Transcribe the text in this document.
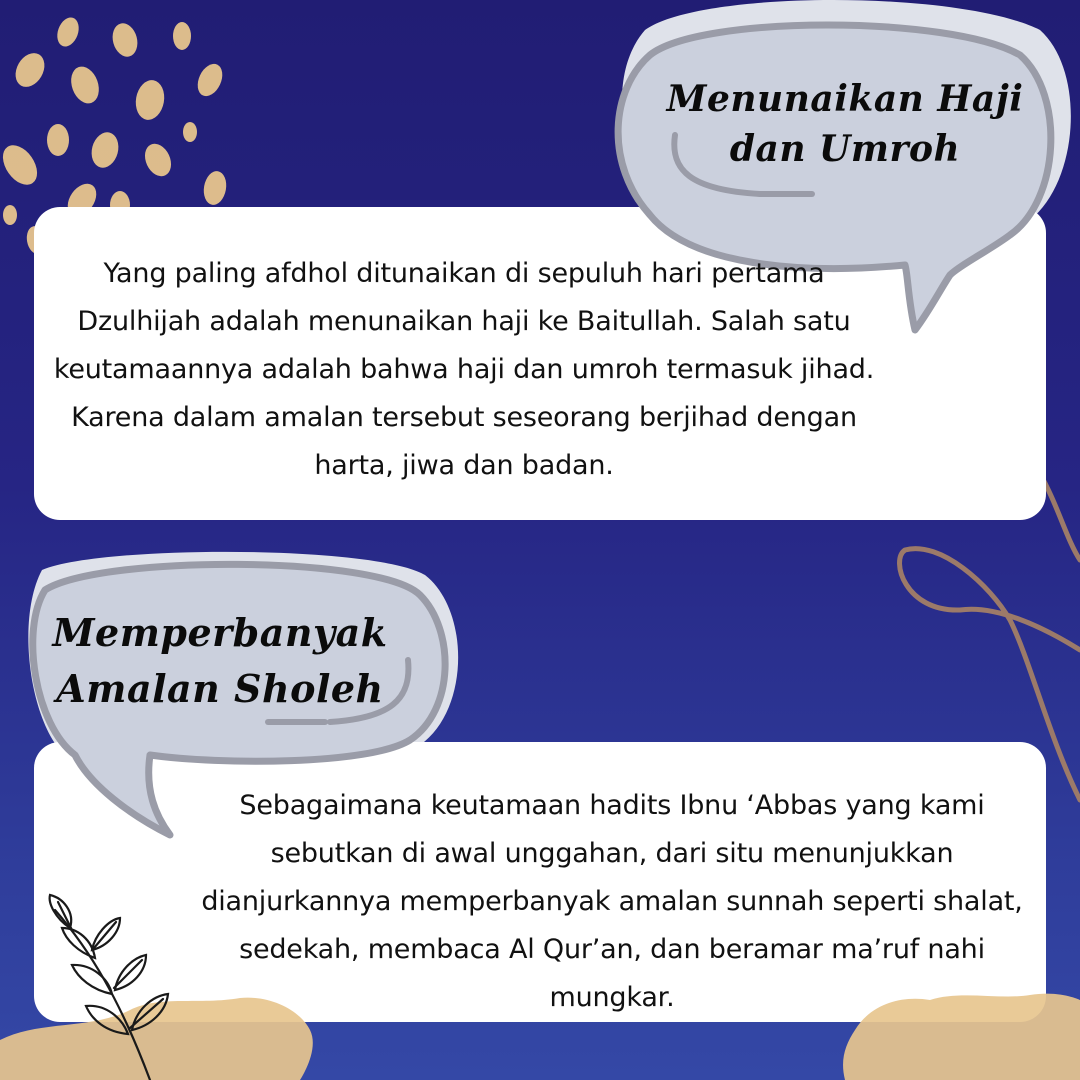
Menunaikan Haji
dan Umroh

Yang paling afdhol ditunaikan di sepuluh hari pertama Dzulhijah adalah menunaikan haji ke Baitullah. Salah satu keutamaannya adalah bahwa haji dan umroh termasuk jihad. Karena dalam amalan tersebut seseorang berjihad dengan harta, jiwa dan badan.

Memperbanyak
Amalan Sholeh

Sebagaimana keutamaan hadits Ibnu ‘Abbas yang kami sebutkan di awal unggahan, dari situ menunjukkan dianjurkannya memperbanyak amalan sunnah seperti shalat, sedekah, membaca Al Qur’an, dan beramar ma’ruf nahi mungkar.
